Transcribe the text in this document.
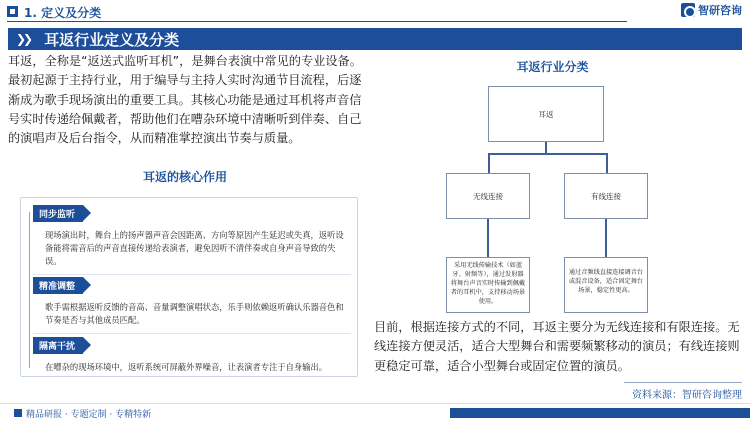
1. 定义及分类	智研咨询
❯❯ 耳返行业定义及分类

耳返，全称是“返送式监听耳机”，是舞台表演中常见的专业设备。最初起源于主持行业，用于编导与主持人实时沟通节目流程，后逐渐成为歌手现场演出的重要工具。其核心功能是通过耳机将声音信号实时传递给佩戴者，帮助他们在嘈杂环境中清晰听到伴奏、自己的演唱声及后台指令，从而精准掌控演出节奏与质量。

耳返的核心作用
同步监听

现场演出时，舞台上的扬声器声音会因距离、方向等原因产生延迟或失真，返听设备能将需音后的声音直接传递给表演者，避免因听不清伴奏或自身声音导致的失误。

精准调整

歌手需根据返听反馈的音高、音量调整演唱状态，乐手则依赖返听确认乐器音色和节奏是否与其他成员匹配。

隔离干扰

在嘈杂的现场环境中，返听系统可屏蔽外界噪音，让表演者专注于自身输出。

耳返行业分类
耳返
无线连接	有线连接
采用无线传输技术（如蓝牙、射频等），通过发射器将舞台声音实时传输到佩戴者的耳机中，支持移动场景使用。
通过音频线直接连接调音台或混音设备，适合固定舞台场景，稳定性更高。

目前，根据连接方式的不同，耳返主要分为无线连接和有限连接。无线连接方便灵活，适合大型舞台和需要频繁移动的演员；有线连接则更稳定可靠，适合小型舞台或固定位置的演员。

资料来源：智研咨询整理
精品研报 · 专题定制 · 专精特新
